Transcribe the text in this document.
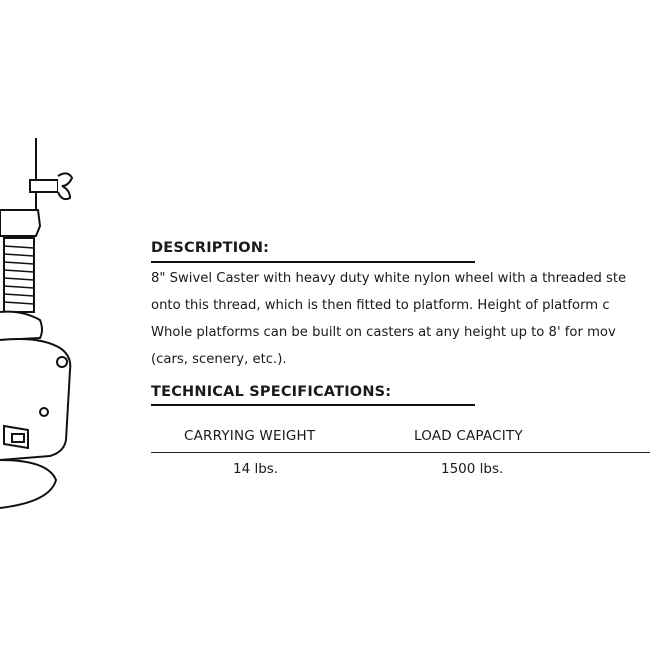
DESCRIPTION:

8" Swivel Caster with heavy duty white nylon wheel with a threaded ste
onto this thread, which is then fitted to platform. Height of platform c
Whole platforms can be built on casters at any height up to 8' for mov
(cars, scenery, etc.).

TECHNICAL SPECIFICATIONS:
CARRYING WEIGHT	LOAD CAPACITY
14 lbs.	1500 lbs.
